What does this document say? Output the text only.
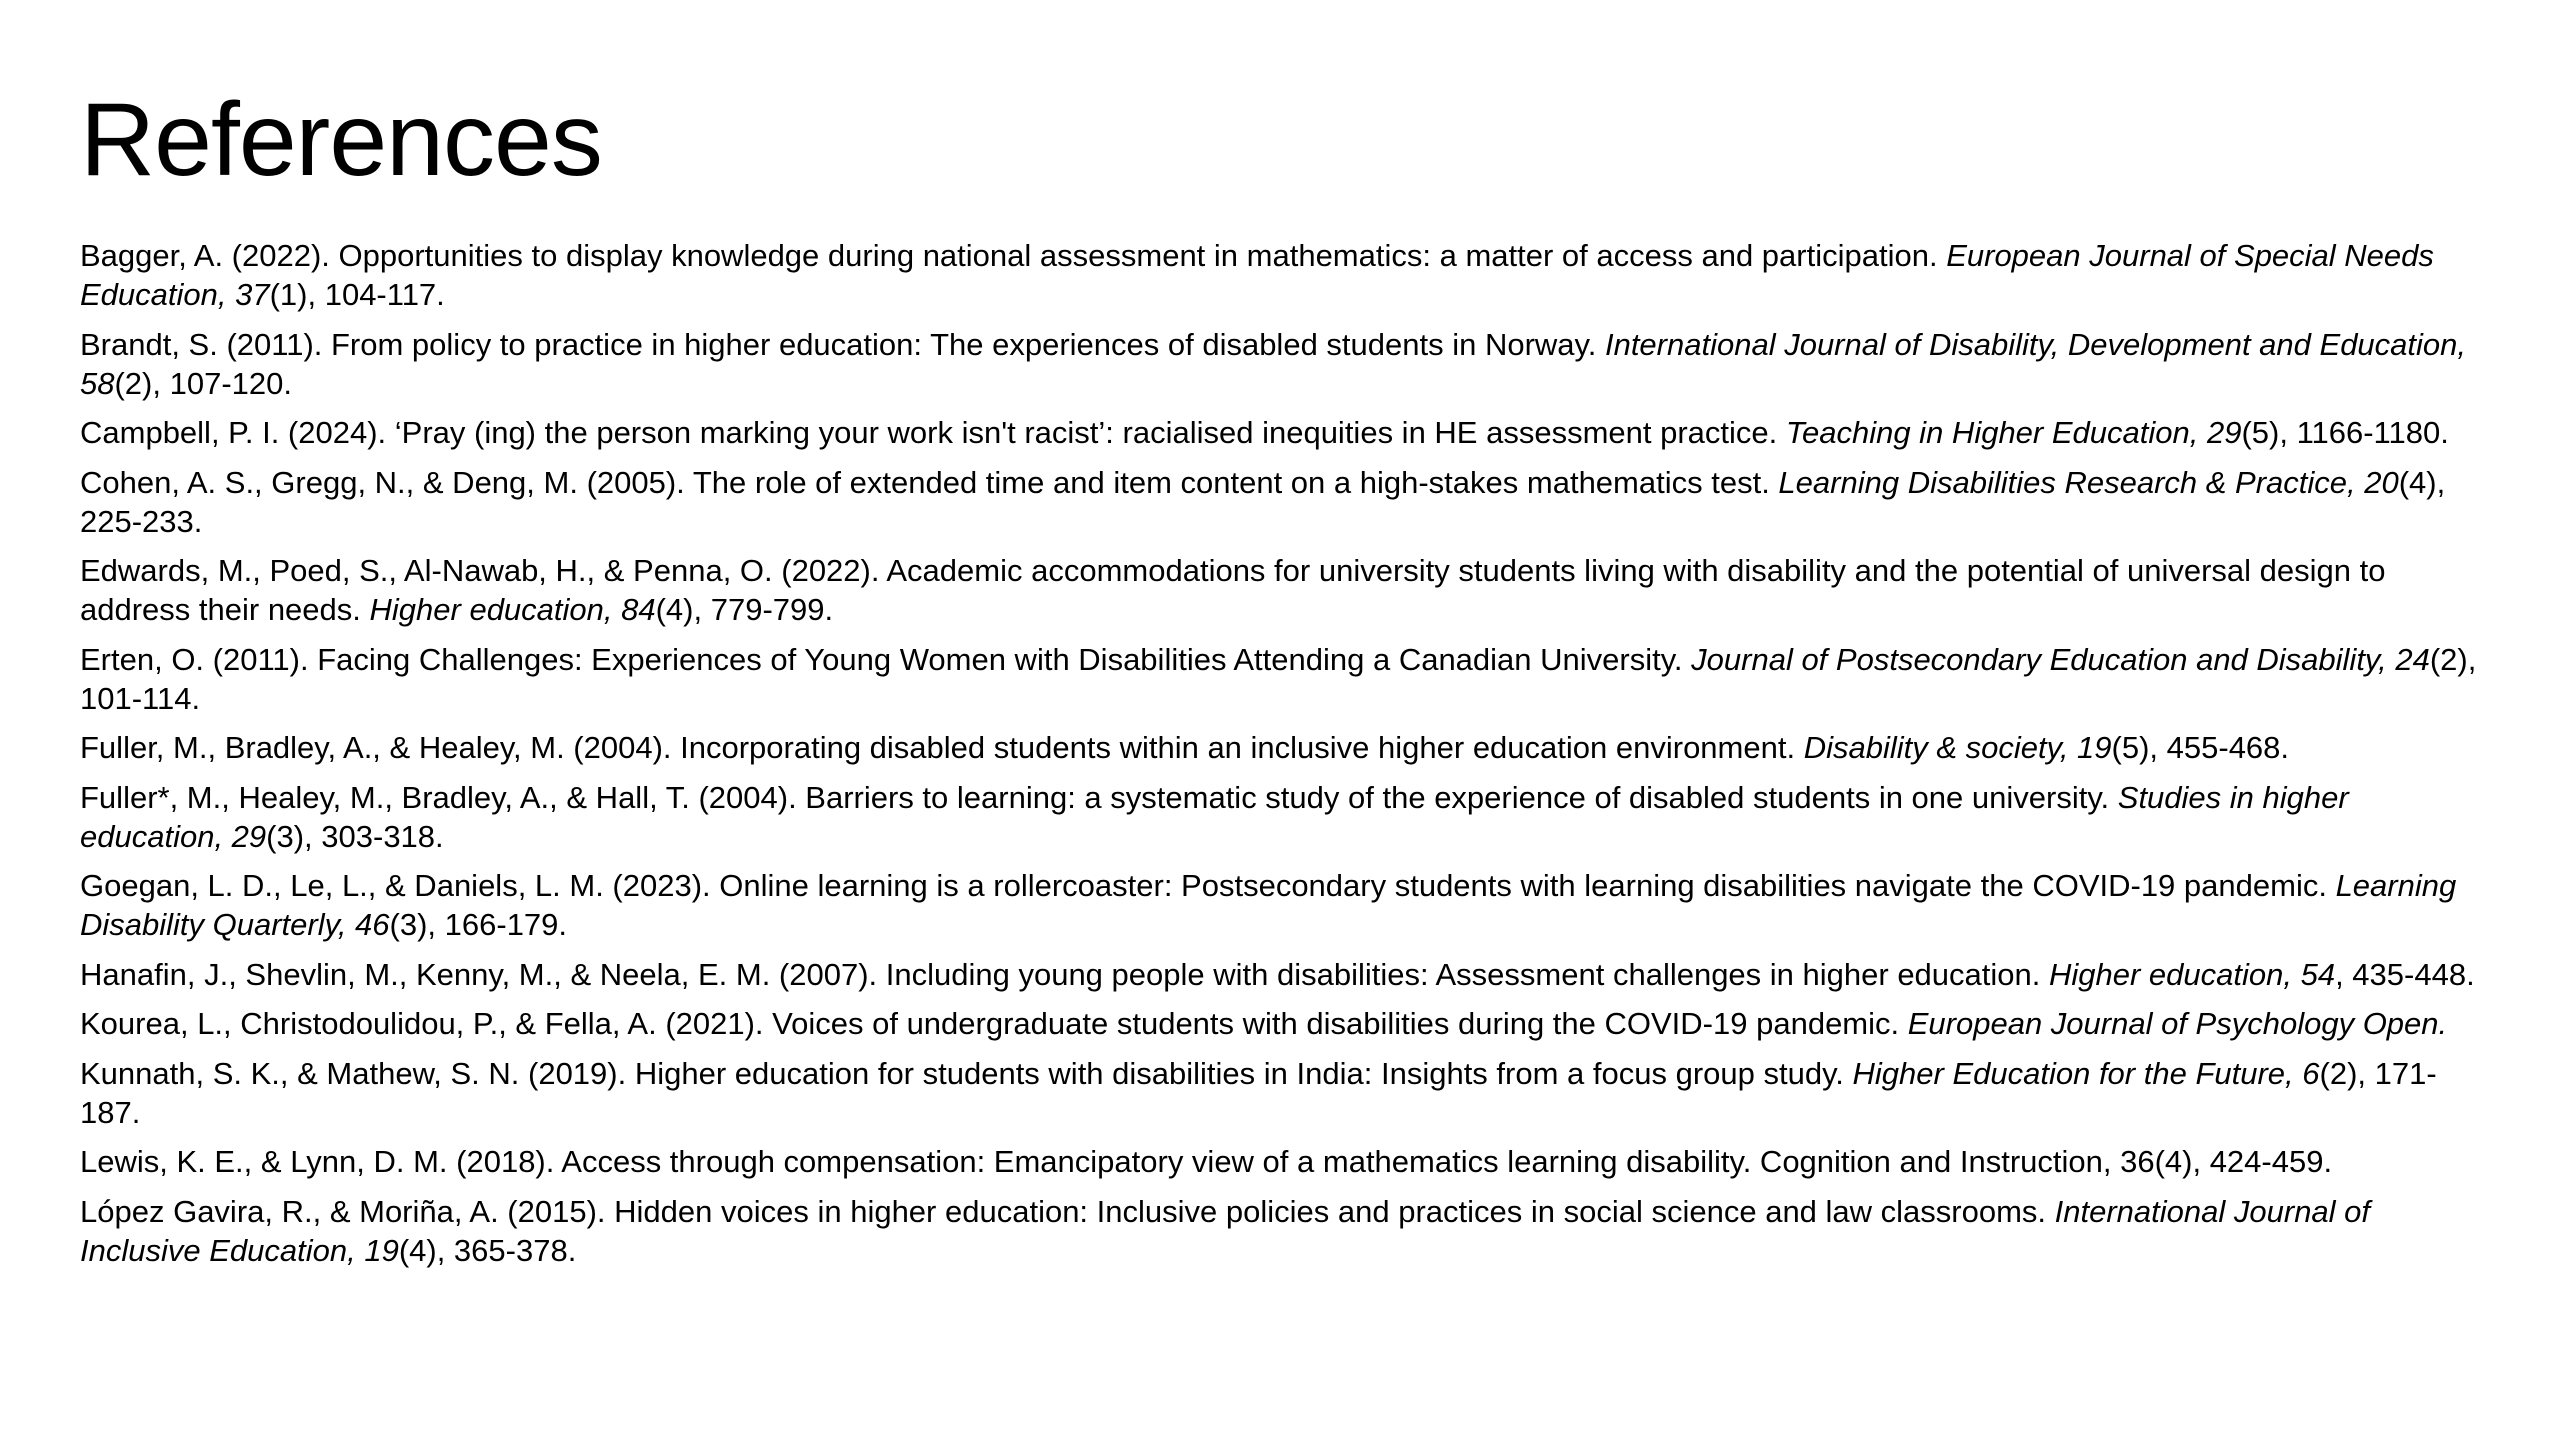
References
Bagger, A. (2022). Opportunities to display knowledge during national assessment in mathematics: a matter of access and participation. European Journal of Special Needs Education, 37(1), 104-117.
Brandt, S. (2011). From policy to practice in higher education: The experiences of disabled students in Norway. International Journal of Disability, Development and Education, 58(2), 107-120.
Campbell, P. I. (2024). ‘Pray (ing) the person marking your work isn't racist’: racialised inequities in HE assessment practice. Teaching in Higher Education, 29(5), 1166-1180.
Cohen, A. S., Gregg, N., & Deng, M. (2005). The role of extended time and item content on a high-stakes mathematics test. Learning Disabilities Research & Practice, 20(4), 225-233.
Edwards, M., Poed, S., Al-Nawab, H., & Penna, O. (2022). Academic accommodations for university students living with disability and the potential of universal design to address their needs. Higher education, 84(4), 779-799.
Erten, O. (2011). Facing Challenges: Experiences of Young Women with Disabilities Attending a Canadian University. Journal of Postsecondary Education and Disability, 24(2), 101-114.
Fuller, M., Bradley, A., & Healey, M. (2004). Incorporating disabled students within an inclusive higher education environment. Disability & society, 19(5), 455-468.
Fuller*, M., Healey, M., Bradley, A., & Hall, T. (2004). Barriers to learning: a systematic study of the experience of disabled students in one university. Studies in higher education, 29(3), 303-318.
Goegan, L. D., Le, L., & Daniels, L. M. (2023). Online learning is a rollercoaster: Postsecondary students with learning disabilities navigate the COVID-19 pandemic. Learning Disability Quarterly, 46(3), 166-179.
Hanafin, J., Shevlin, M., Kenny, M., & Neela, E. M. (2007). Including young people with disabilities: Assessment challenges in higher education. Higher education, 54, 435-448.
Kourea, L., Christodoulidou, P., & Fella, A. (2021). Voices of undergraduate students with disabilities during the COVID-19 pandemic. European Journal of Psychology Open.
Kunnath, S. K., & Mathew, S. N. (2019). Higher education for students with disabilities in India: Insights from a focus group study. Higher Education for the Future, 6(2), 171-187.
Lewis, K. E., & Lynn, D. M. (2018). Access through compensation: Emancipatory view of a mathematics learning disability. Cognition and Instruction, 36(4), 424-459.
López Gavira, R., & Moriña, A. (2015). Hidden voices in higher education: Inclusive policies and practices in social science and law classrooms. International Journal of Inclusive Education, 19(4), 365-378.
